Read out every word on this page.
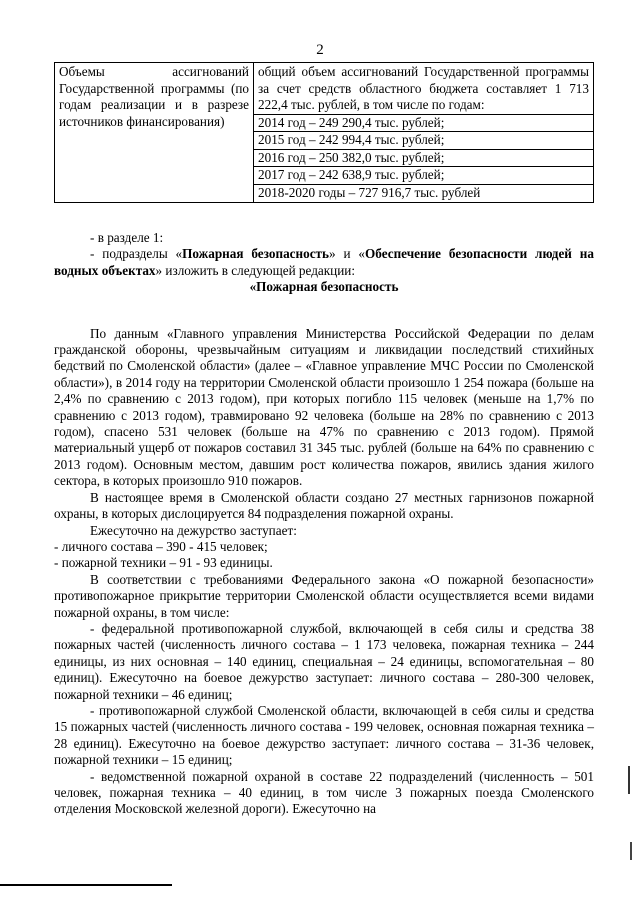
2
Объемы ассигнований Государственной программы (по годам реализации и в разрезе источников финансирования)	общий объем ассигнований Государственной программы за счет средств областного бюджета составляет 1 713 222,4 тыс. рублей, в том числе по годам:
2014 год – 249 290,4 тыс. рублей;
2015 год – 242 994,4 тыс. рублей;
2016 год – 250 382,0 тыс. рублей;
2017 год – 242 638,9 тыс. рублей;
2018-2020 годы – 727 916,7 тыс. рублей

- в разделе 1:

- подразделы «Пожарная безопасность» и «Обеспечение безопасности людей на водных объектах» изложить в следующей редакции:

«Пожарная безопасность

По данным «Главного управления Министерства Российской Федерации по делам гражданской обороны, чрезвычайным ситуациям и ликвидации последствий стихийных бедствий по Смоленской области» (далее – «Главное управление МЧС России по Смоленской области»), в 2014 году на территории Смоленской области произошло 1 254 пожара (больше на 2,4% по сравнению с 2013 годом), при которых погибло 115 человек (меньше на 1,7% по сравнению с 2013 годом), травмировано 92 человека (больше на 28% по сравнению с 2013 годом), спасено 531 человек (больше на 47% по сравнению с 2013 годом). Прямой материальный ущерб от пожаров составил 31 345 тыс. рублей (больше на 64% по сравнению с 2013 годом). Основным местом, давшим рост количества пожаров, явились здания жилого сектора, в которых произошло 910 пожаров.

В настоящее время в Смоленской области создано 27 местных гарнизонов пожарной охраны, в которых дислоцируется 84 подразделения пожарной охраны.

Ежесуточно на дежурство заступает:

- личного состава – 390 - 415 человек;

- пожарной техники – 91 - 93 единицы.

В соответствии с требованиями Федерального закона «О пожарной безопасности» противопожарное прикрытие территории Смоленской области осуществляется всеми видами пожарной охраны, в том числе:

- федеральной противопожарной службой, включающей в себя силы и средства 38 пожарных частей (численность личного состава – 1 173 человека, пожарная техника – 244 единицы, из них основная – 140 единиц, специальная – 24 единицы, вспомогательная – 80 единиц). Ежесуточно на боевое дежурство заступает: личного состава – 280-300 человек, пожарной техники – 46 единиц;

- противопожарной службой Смоленской области, включающей в себя силы и средства 15 пожарных частей (численность личного состава - 199 человек, основная пожарная техника – 28 единиц). Ежесуточно на боевое дежурство заступает: личного состава – 31-36 человек, пожарной техники – 15 единиц;

- ведомственной пожарной охраной в составе 22 подразделений (численность – 501 человек, пожарная техника – 40 единиц, в том числе 3 пожарных поезда Смоленского отделения Московской железной дороги). Ежесуточно на
